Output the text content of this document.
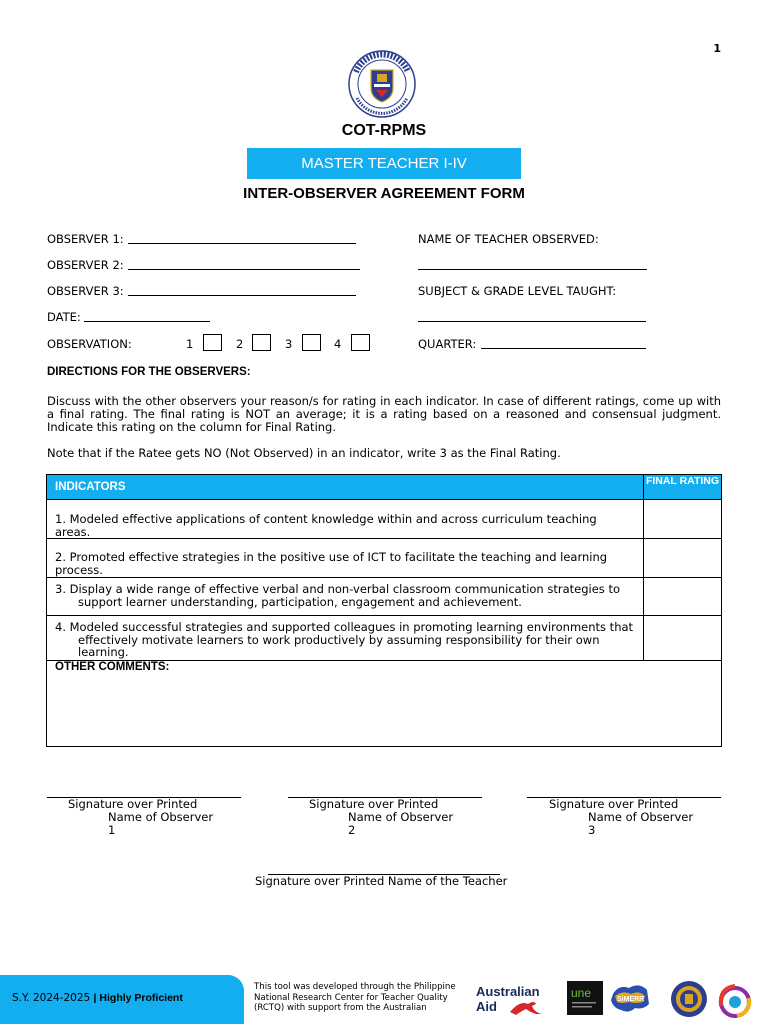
1
COT-RPMS
MASTER TEACHER I-IV
INTER-OBSERVER AGREEMENT FORM
OBSERVER 1:
OBSERVER 2:
OBSERVER 3:
DATE:
OBSERVATION:	1	2	3	4
NAME OF TEACHER OBSERVED:
SUBJECT & GRADE LEVEL TAUGHT:
QUARTER:
DIRECTIONS FOR THE OBSERVERS:
Discuss with the other observers your reason/s for rating in each indicator. In case of different ratings, come up with a final rating. The final rating is NOT an average; it is a rating based on a reasoned and consensual judgment. Indicate this rating on the column for Final Rating.
Note that if the Ratee gets NO (Not Observed) in an indicator, write 3 as the Final Rating.
INDICATORS	FINAL RATING
1. Modeled effective applications of content knowledge within and across curriculum teaching areas.
2. Promoted effective strategies in the positive use of ICT to facilitate the teaching and learning process.
3. Display a wide range of effective verbal and non-verbal classroom communication strategies to support learner understanding, participation, engagement and achievement.
4. Modeled successful strategies and supported colleagues in promoting learning environments that effectively motivate learners to work productively by assuming responsibility for their own learning.
OTHER COMMENTS:
Signature over Printed
Name of Observer
1
Signature over Printed
Name of Observer
2
Signature over Printed
Name of Observer
3
Signature over Printed Name of the Teacher
S.Y. 2024-2025 | Highly Proficient
This tool was developed through the Philippine National Research Center for Teacher Quality (RCTQ) with support from the Australian
Australian
Aid
une	SiMERR
